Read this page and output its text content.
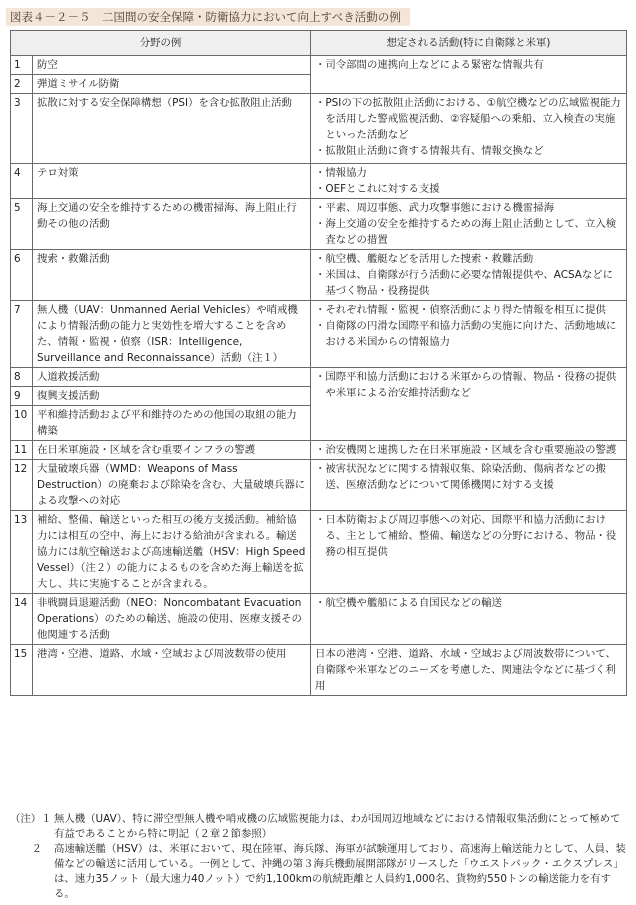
図表４－２－５　二国間の安全保障・防衛協力において向上すべき活動の例
分野の例		想定される活動(特に自衛隊と米軍)
1	防空	・ 司令部間の連携向上などによる緊密な情報共有

2	弾道ミサイル防衛	
3	拡散に対する安全保障構想（PSI）を含む拡散阻止活動	・ PSIの下の拡散阻止活動における、①航空機などの広域監視能力を活用した警戒監視活動、②容疑船への乗船、立入検査の実施といった活動など
・ 拡散阻止活動に資する情報共有、情報交換など

4	テロ対策	・ 情報協力
・ OEFとこれに対する支援

5	海上交通の安全を維持するための機雷掃海、海上阻止行動その他の活動	・ 平素、周辺事態、武力攻撃事態における機雷掃海
・ 海上交通の安全を維持するための海上阻止活動として、立入検査などの措置

6	捜索・救難活動	・ 航空機、艦艇などを活用した捜索・救難活動
・ 米国は、自衛隊が行う活動に必要な情報提供や、ACSAなどに基づく物品・役務提供

7	無人機（UAV：Unmanned Aerial Vehicles）や哨戒機により情報活動の能力と実効性を増大することを含めた、情報・監視・偵察（ISR：Intelligence, Surveillance and Reconnaissance）活動（注１）	・ それぞれ情報・監視・偵察活動により得た情報を相互に提供
・ 自衛隊の円滑な国際平和協力活動の実施に向けた、活動地域における米国からの情報協力

8	人道救援活動	・ 国際平和協力活動における米軍からの情報、物品・役務の提供や米軍による治安維持活動など

9	復興支援活動	
10	平和維持活動および平和維持のための他国の取組の能力構築	
11	在日米軍施設・区域を含む重要インフラの警護	・ 治安機関と連携した在日米軍施設・区域を含む重要施設の警護

12	大量破壊兵器（WMD：Weapons of Mass Destruction）の廃棄および除染を含む、大量破壊兵器による攻撃への対応	・ 被害状況などに関する情報収集、除染活動、傷病者などの搬送、医療活動などについて関係機関に対する支援

13	補給、整備、輸送といった相互の後方支援活動。補給協力には相互の空中、海上における給油が含まれる。輸送協力には航空輸送および高速輸送艦（HSV：High Speed Vessel）（注２）の能力によるものを含めた海上輸送を拡大し、共に実施することが含まれる。	・ 日本防衛および周辺事態への対応、国際平和協力活動における、主として補給、整備、輸送などの分野における、物品・役務の相互提供

14	非戦闘員退避活動（NEO：Noncombatant Evacuation Operations）のための輸送、施設の使用、医療支援その他関連する活動	・ 航空機や艦船による自国民などの輸送

15	港湾・空港、道路、水域・空域および周波数帯の使用	日本の港湾・空港、道路、水域・空域および周波数帯について、自衛隊や米軍などのニーズを考慮した、関連法令などに基づく利用
（注）１ 無人機（UAV）、特に滞空型無人機や哨戒機の広域監視能力は、わが国周辺地域などにおける情報収集活動にとって極めて有益であることから特に明記（２章２節参照）
２	高速輸送艦（HSV）は、米軍において、現在陸軍、海兵隊、海軍が試験運用しており、高速海上輸送能力として、人員、装備などの輸送に活用している。一例として、沖縄の第３海兵機動展開部隊がリースした「ウエストパック・エクスプレス」は、速力35ノット（最大速力40ノット）で約1,100kmの航続距離と人員約1,000名、貨物約550トンの輸送能力を有する。
